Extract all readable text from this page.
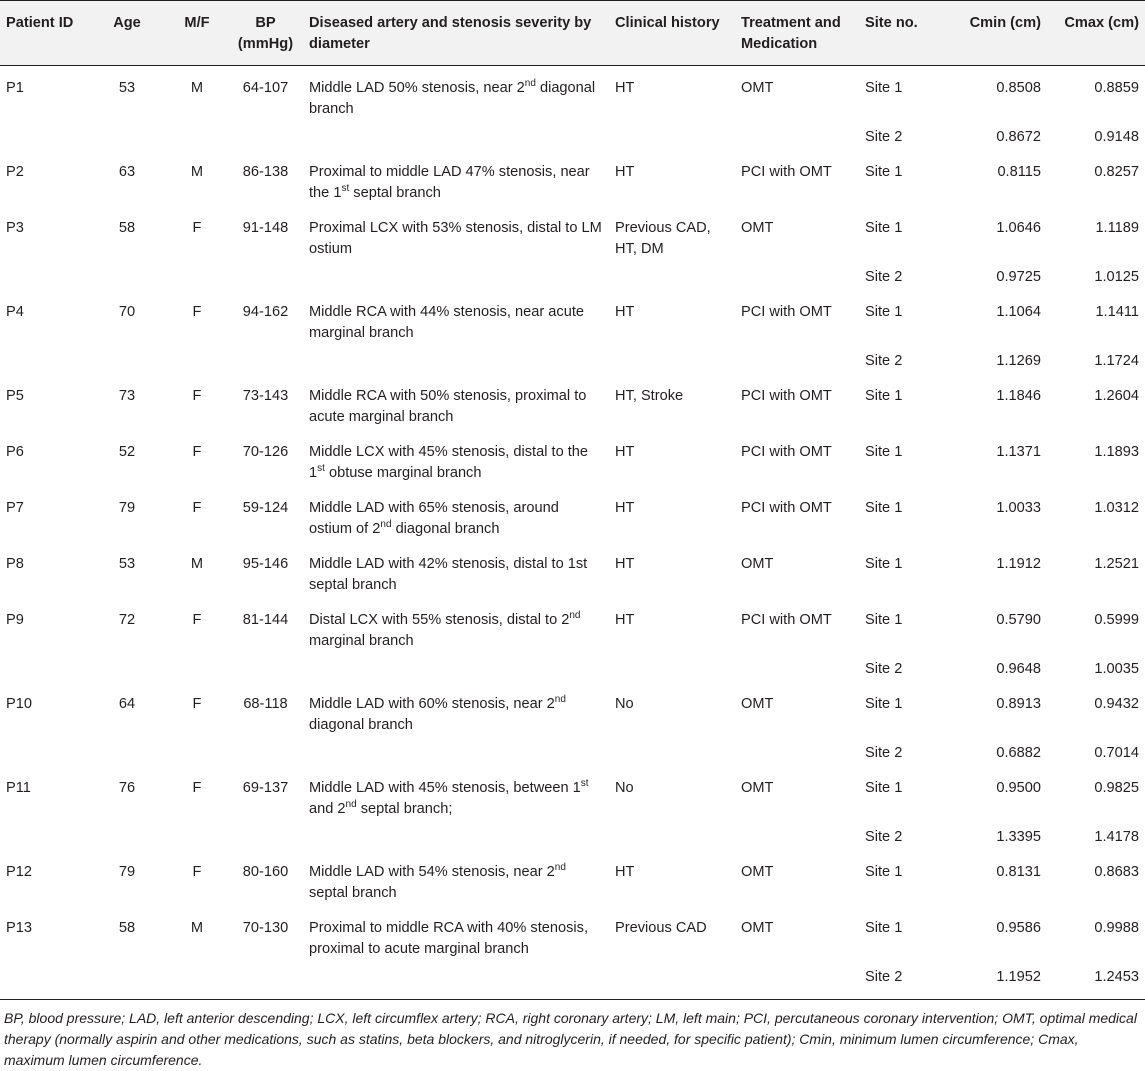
Patient ID	Age	M/F	BP (mmHg)	Diseased artery and stenosis severity by diameter	Clinical history	Treatment and Medication	Site no.	Cmin (cm)	Cmax (cm)
P1	53	M	64-107	Middle LAD 50% stenosis, near 2nd diagonal branch	HT	OMT	Site 1	0.8508	0.8859
							Site 2	0.8672	0.9148
P2	63	M	86-138	Proximal to middle LAD 47% stenosis, near the 1st septal branch	HT	PCI with OMT	Site 1	0.8115	0.8257
P3	58	F	91-148	Proximal LCX with 53% stenosis, distal to LM ostium	Previous CAD, HT, DM	OMT	Site 1	1.0646	1.1189
							Site 2	0.9725	1.0125
P4	70	F	94-162	Middle RCA with 44% stenosis, near acute marginal branch	HT	PCI with OMT	Site 1	1.1064	1.1411
							Site 2	1.1269	1.1724
P5	73	F	73-143	Middle RCA with 50% stenosis, proximal to acute marginal branch	HT, Stroke	PCI with OMT	Site 1	1.1846	1.2604
P6	52	F	70-126	Middle LCX with 45% stenosis, distal to the 1st obtuse marginal branch	HT	PCI with OMT	Site 1	1.1371	1.1893
P7	79	F	59-124	Middle LAD with 65% stenosis, around ostium of 2nd diagonal branch	HT	PCI with OMT	Site 1	1.0033	1.0312
P8	53	M	95-146	Middle LAD with 42% stenosis, distal to 1st septal branch	HT	OMT	Site 1	1.1912	1.2521
P9	72	F	81-144	Distal LCX with 55% stenosis, distal to 2nd marginal branch	HT	PCI with OMT	Site 1	0.5790	0.5999
							Site 2	0.9648	1.0035
P10	64	F	68-118	Middle LAD with 60% stenosis, near 2nd diagonal branch	No	OMT	Site 1	0.8913	0.9432
							Site 2	0.6882	0.7014
P11	76	F	69-137	Middle LAD with 45% stenosis, between 1st and 2nd septal branch;	No	OMT	Site 1	0.9500	0.9825
							Site 2	1.3395	1.4178
P12	79	F	80-160	Middle LAD with 54% stenosis, near 2nd septal branch	HT	OMT	Site 1	0.8131	0.8683
P13	58	M	70-130	Proximal to middle RCA with 40% stenosis, proximal to acute marginal branch	Previous CAD	OMT	Site 1	0.9586	0.9988
							Site 2	1.1952	1.2453
BP, blood pressure; LAD, left anterior descending; LCX, left circumflex artery; RCA, right coronary artery; LM, left main; PCI, percutaneous coronary intervention; OMT, optimal medical therapy (normally aspirin and other medications, such as statins, beta blockers, and nitroglycerin, if needed, for specific patient); Cmin, minimum lumen circumference; Cmax, maximum lumen circumference.
